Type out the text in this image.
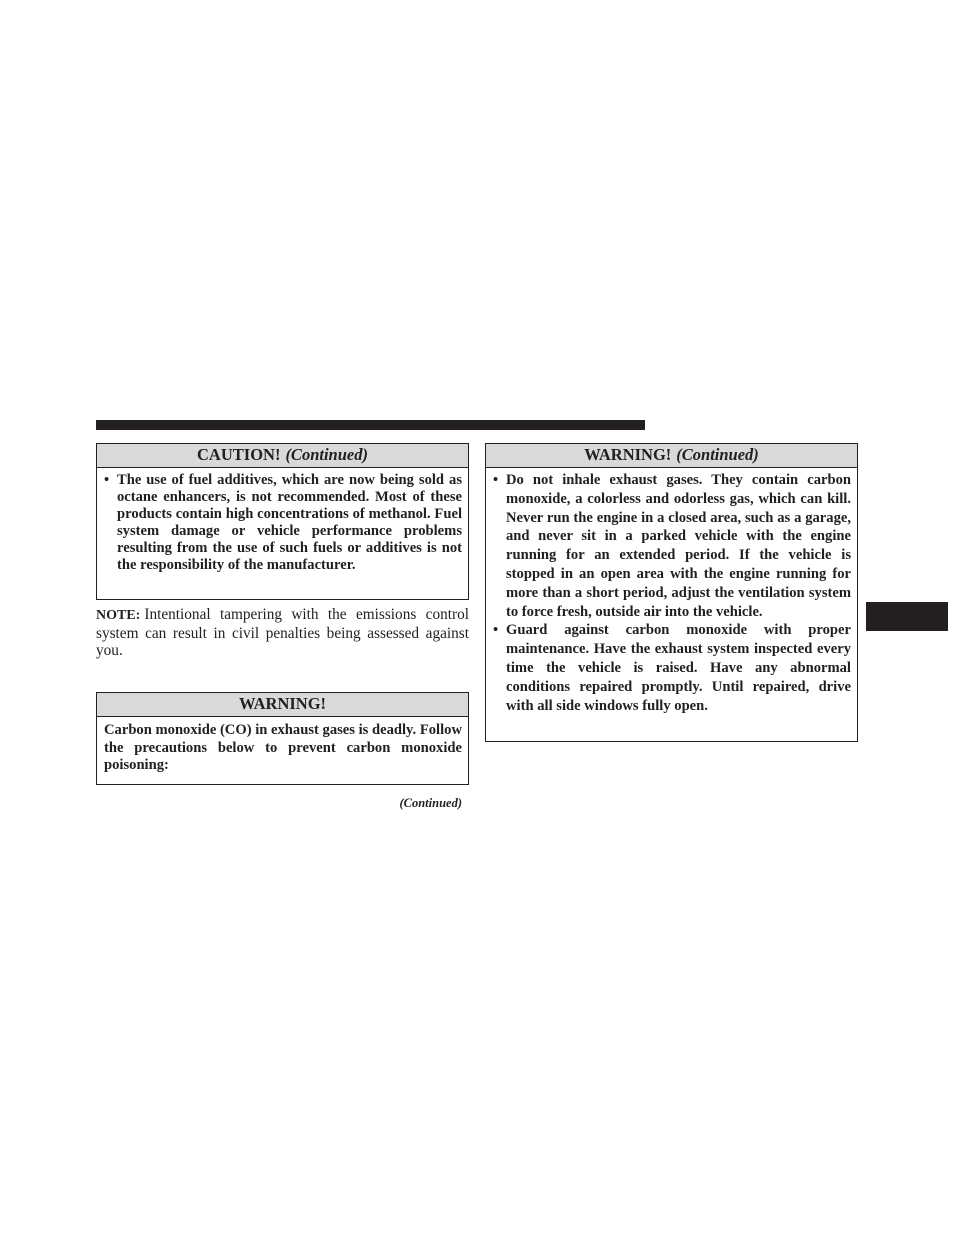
CAUTION! (Continued)
• The use of fuel additives, which are now being sold as octane enhancers, is not recommended. Most of these products contain high concentrations of methanol. Fuel system damage or vehicle performance problems resulting from the use of such fuels or additives is not the responsibility of the manufacturer.
NOTE: Intentional tampering with the emissions control system can result in civil penalties being assessed against you.
WARNING!
Carbon monoxide (CO) in exhaust gases is deadly. Follow the precautions below to prevent carbon monoxide poisoning:
(Continued)
WARNING! (Continued)
• Do not inhale exhaust gases. They contain carbon monoxide, a colorless and odorless gas, which can kill. Never run the engine in a closed area, such as a garage, and never sit in a parked vehicle with the engine running for an extended period. If the vehicle is stopped in an open area with the engine running for more than a short period, adjust the ventilation system to force fresh, outside air into the vehicle.
• Guard against carbon monoxide with proper maintenance. Have the exhaust system inspected every time the vehicle is raised. Have any abnormal conditions repaired promptly. Until repaired, drive with all side windows fully open.
